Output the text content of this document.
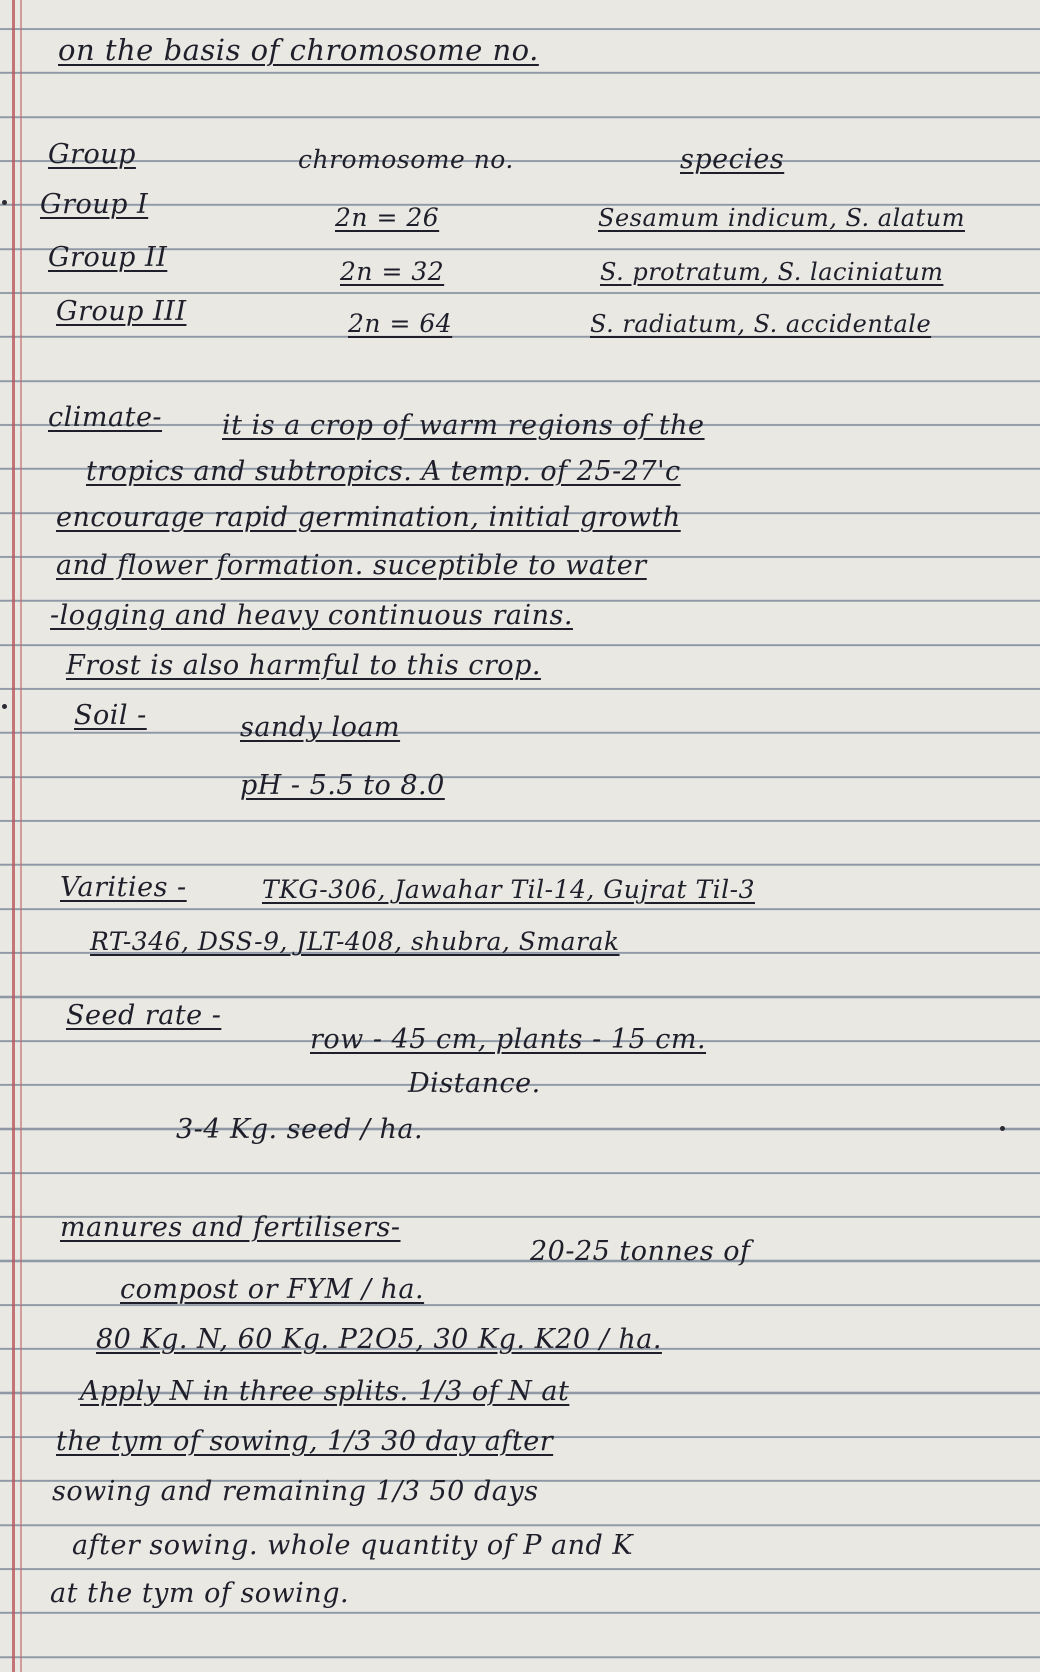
on the basis of chromosome no.

Group	chromosome no.	species

Group I	2n = 26	Sesamum indicum, S. alatum

Group II	2n = 32	S. protratum, S. laciniatum

Group III	2n = 64	S. radiatum, S. accidentale

climate- it is a crop of warm regions of the

tropics and subtropics. A temp. of 25-27'c

encourage rapid germination, initial growth

and flower formation. suceptible to water

-logging and heavy continuous rains.

Frost is also harmful to this crop.

Soil -	sandy loam

pH - 5.5 to 8.0

Varities -	TKG-306, Jawahar Til-14, Gujrat Til-3

RT-346, DSS-9, JLT-408, shubra, Smarak

Seed rate -

row - 45 cm, plants - 15 cm.

Distance.

3-4 Kg. seed / ha.

manures and fertilisers-

20-25 tonnes of

compost or FYM / ha.

80 Kg. N, 60 Kg. P2O5, 30 Kg. K20 / ha.

Apply N in three splits. 1/3 of N at

the tym of sowing, 1/3 30 day after

sowing and remaining 1/3 50 days

after sowing. whole quantity of P and K

at the tym of sowing.
